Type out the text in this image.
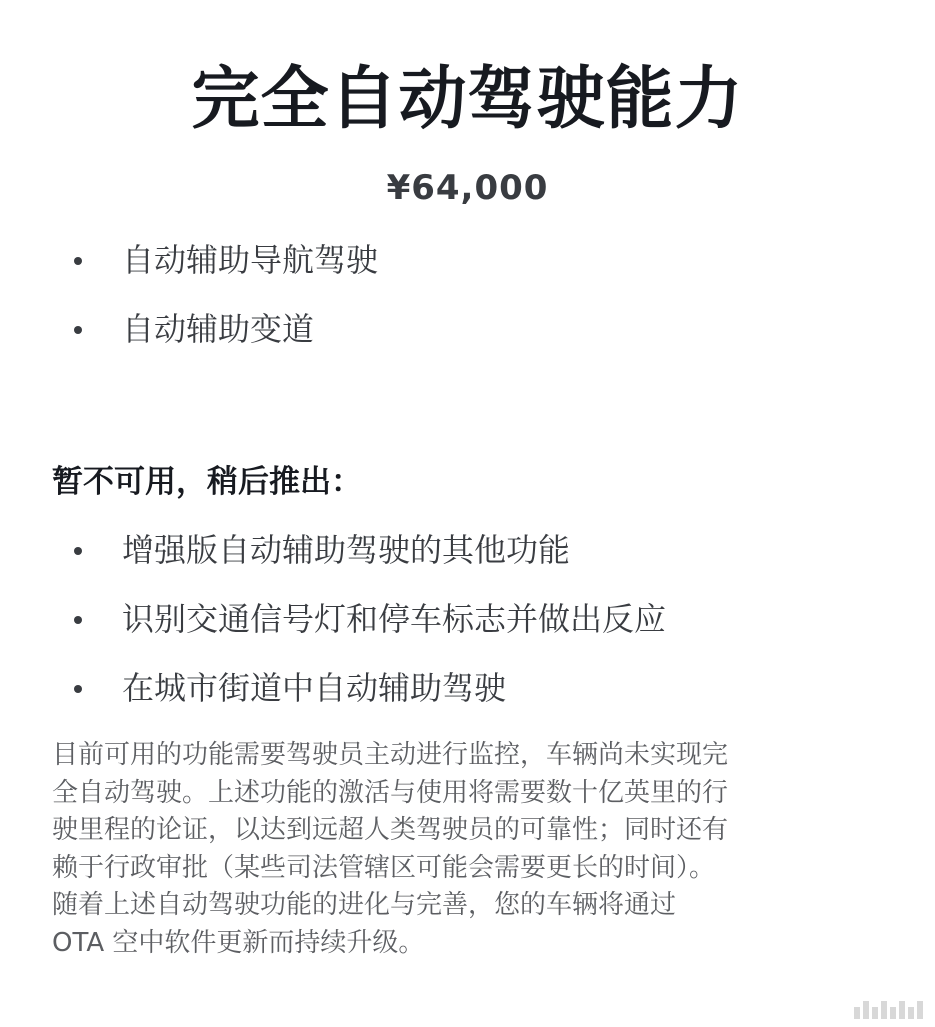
完全自动驾驶能力
¥64,000
自动辅助导航驾驶
自动辅助变道
暂不可用，稍后推出：
增强版自动辅助驾驶的其他功能
识别交通信号灯和停车标志并做出反应
在城市街道中自动辅助驾驶

目前可用的功能需要驾驶员主动进行监控，车辆尚未实现完

全自动驾驶。上述功能的激活与使用将需要数十亿英里的行

驶里程的论证，以达到远超人类驾驶员的可靠性；同时还有

赖于行政审批（某些司法管辖区可能会需要更长的时间）。

随着上述自动驾驶功能的进化与完善，您的车辆将通过

OTA 空中软件更新而持续升级。
